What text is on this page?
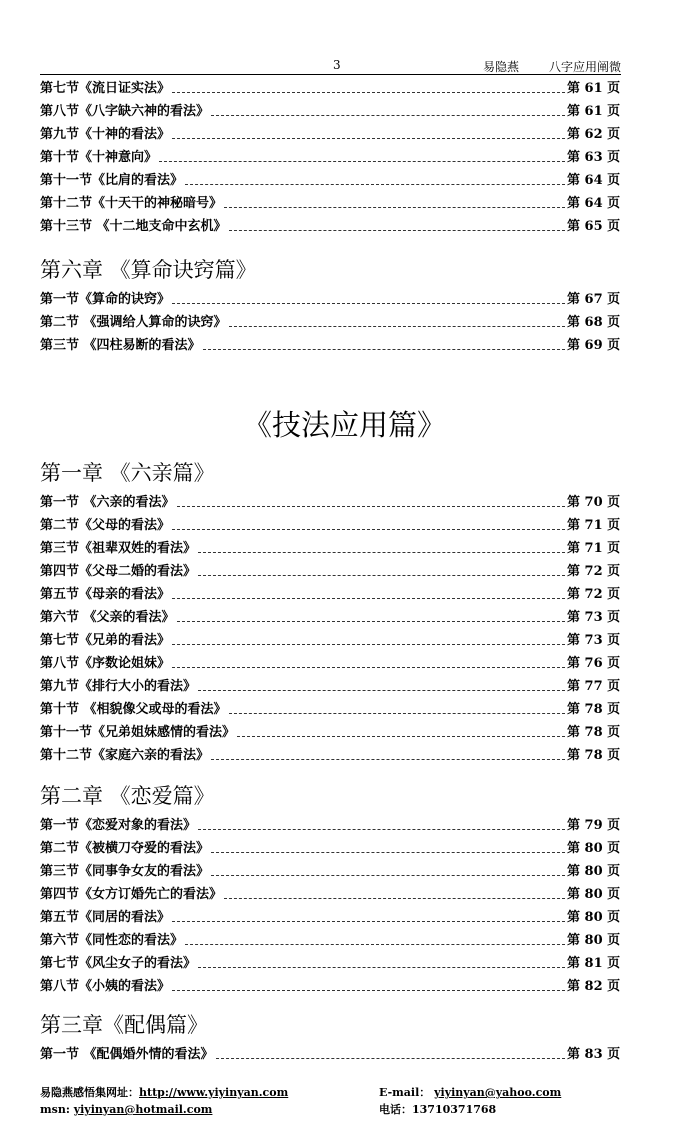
3	易隐燕 八字应用阐微
第七节《流日证实法》	第 61 页
第八节《八字缺六神的看法》	第 61 页
第九节《十神的看法》	第 62 页
第十节《十神意向》	第 63 页
第十一节《比肩的看法》	第 64 页
第十二节《十天干的神秘暗号》	第 64 页
第十三节 《十二地支命中玄机》	第 65 页
第六章 《算命诀窍篇》
第一节《算命的诀窍》	第 67 页
第二节 《强调给人算命的诀窍》	第 68 页
第三节 《四柱易断的看法》	第 69 页
《技法应用篇》
第一章 《六亲篇》
第一节 《六亲的看法》	第 70 页
第二节《父母的看法》	第 71 页
第三节《祖辈双姓的看法》	第 71 页
第四节《父母二婚的看法》	第 72 页
第五节《母亲的看法》	第 72 页
第六节 《父亲的看法》	第 73 页
第七节《兄弟的看法》	第 73 页
第八节《序数论姐妹》	第 76 页
第九节《排行大小的看法》	第 77 页
第十节 《相貌像父或母的看法》	第 78 页
第十一节《兄弟姐妹感情的看法》	第 78 页
第十二节《家庭六亲的看法》	第 78 页
第二章 《恋爱篇》
第一节《恋爱对象的看法》	第 79 页
第二节《被横刀夺爱的看法》	第 80 页
第三节《同事争女友的看法》	第 80 页
第四节《女方订婚先亡的看法》	第 80 页
第五节《同居的看法》	第 80 页
第六节《同性恋的看法》	第 80 页
第七节《风尘女子的看法》	第 81 页
第八节《小姨的看法》	第 82 页
第三章《配偶篇》
第一节 《配偶婚外情的看法》	第 83 页
易隐燕感悟集网址：http://www.yiyinyan.com	E-mail： yiyinyan@yahoo.com
msn: yiyinyan@hotmail.com	电话：13710371768
